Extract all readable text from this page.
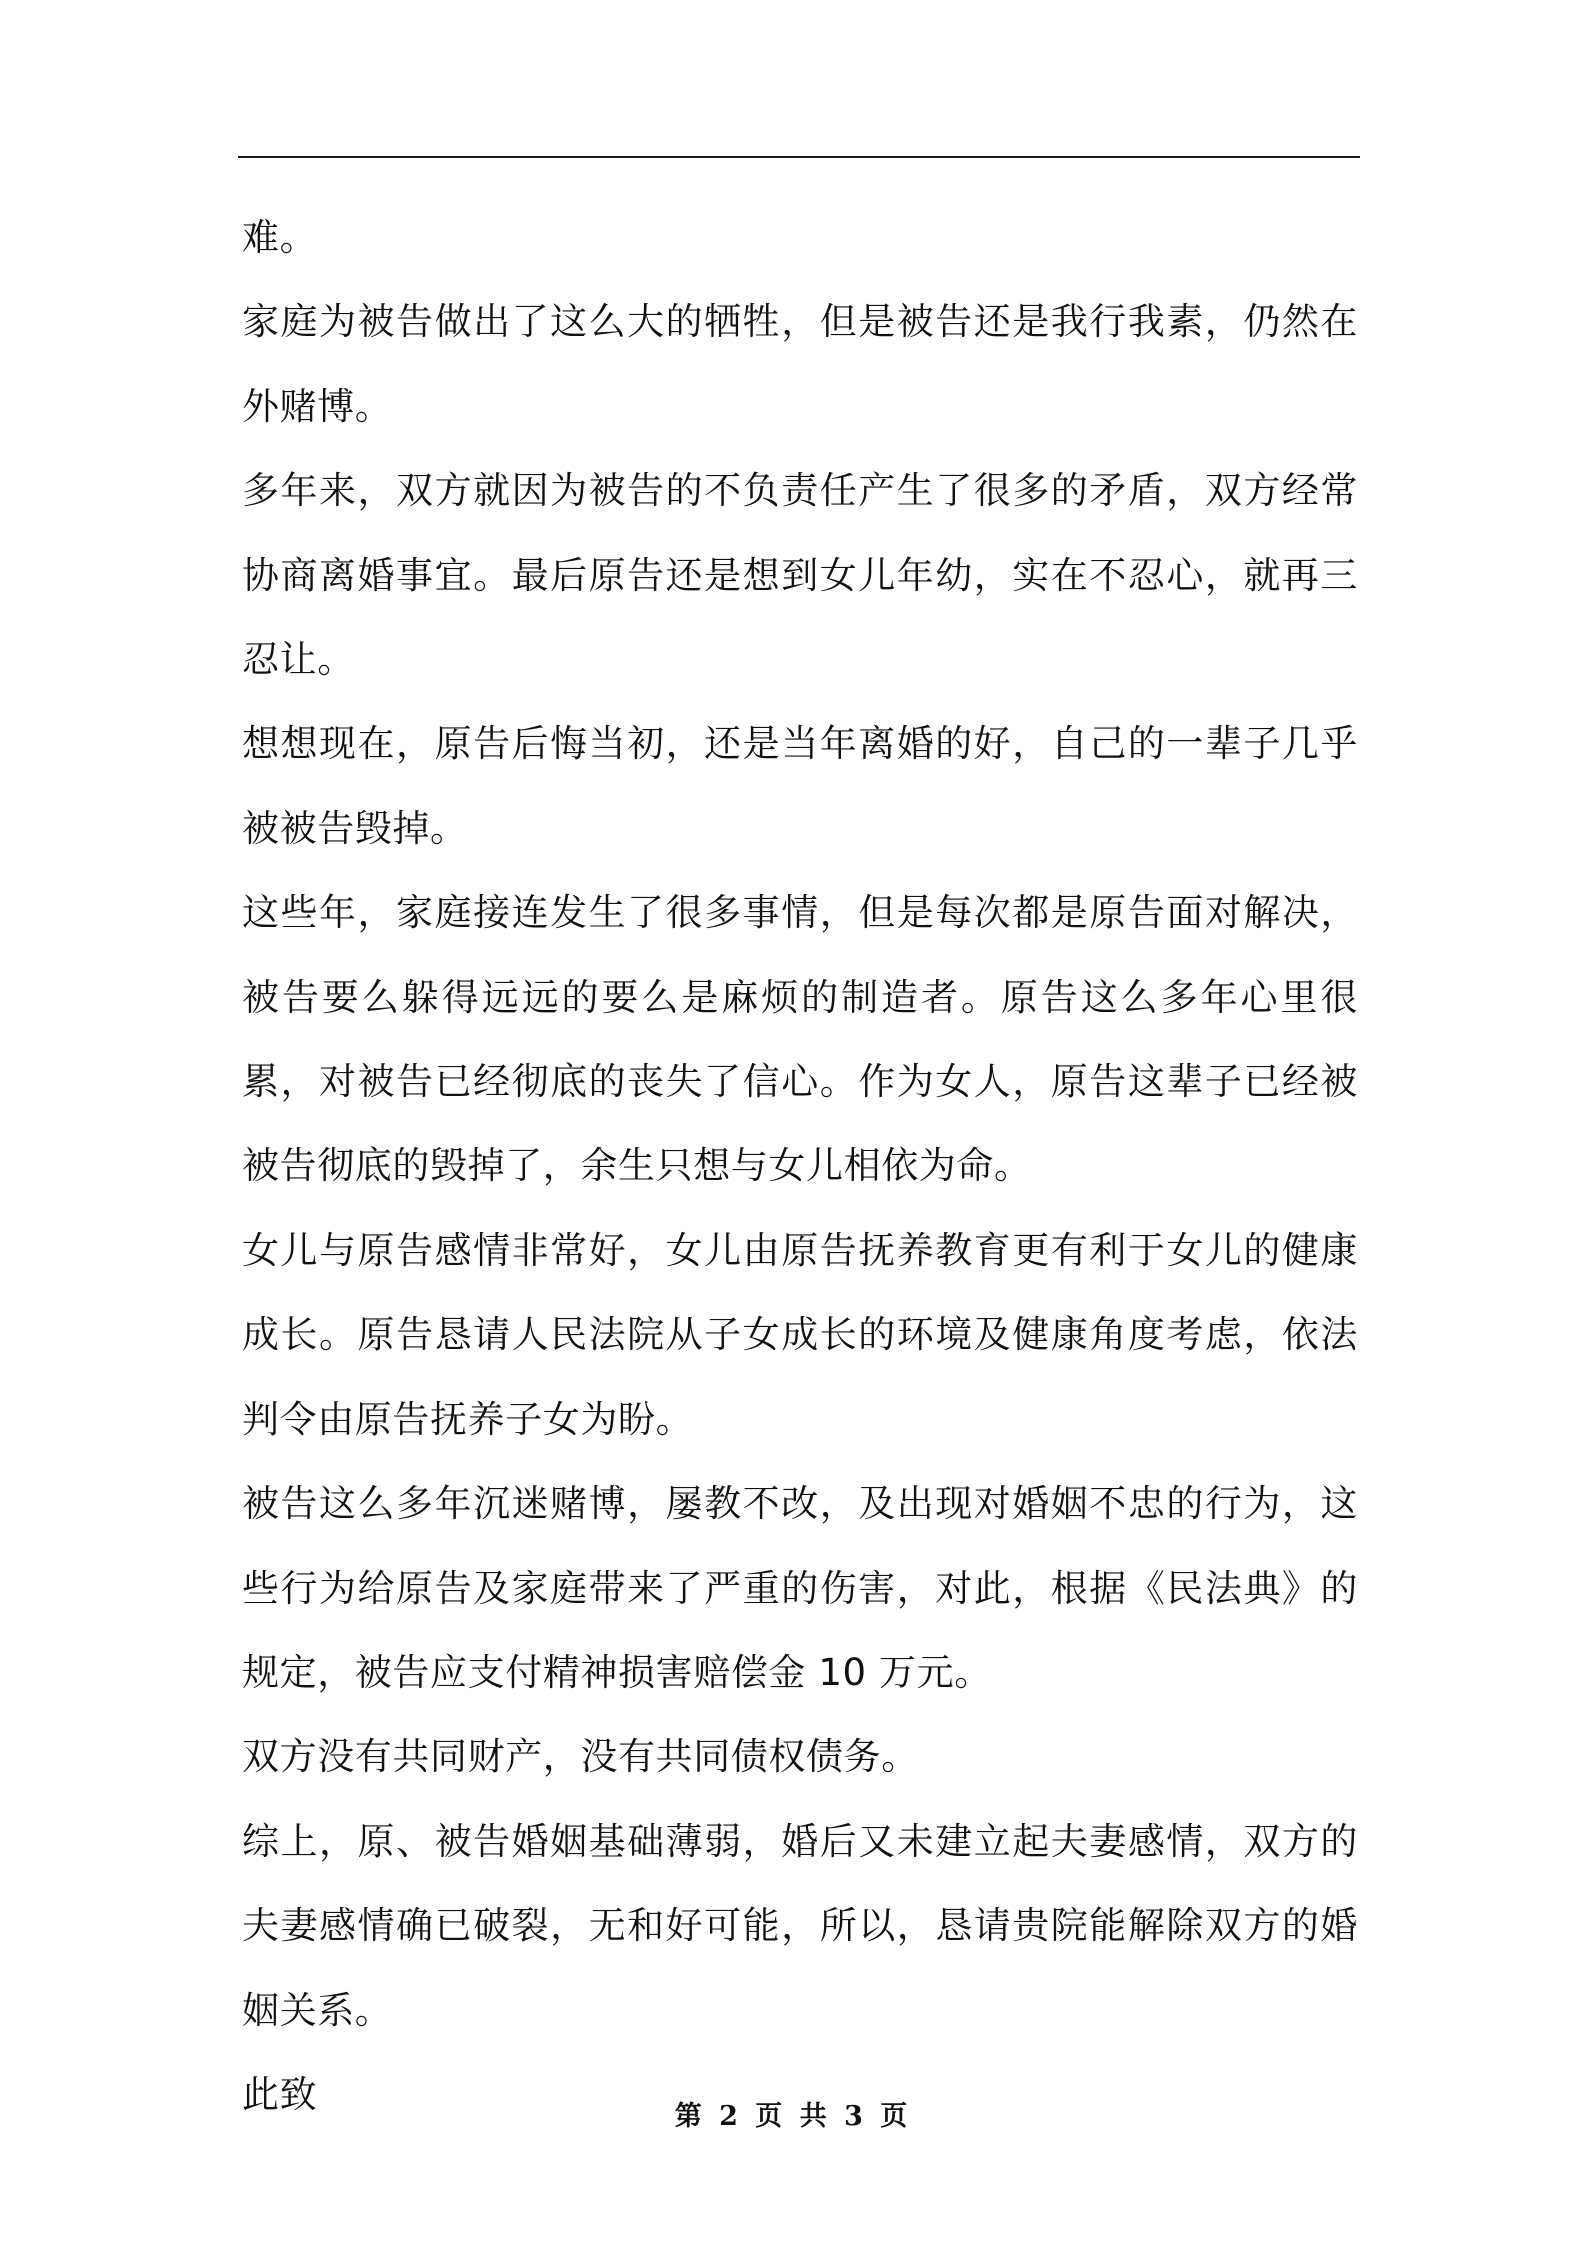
难。

家庭为被告做出了这么大的牺牲，但是被告还是我行我素，仍然在外赌博。

多年来，双方就因为被告的不负责任产生了很多的矛盾，双方经常协商离婚事宜。最后原告还是想到女儿年幼，实在不忍心，就再三忍让。

想想现在，原告后悔当初，还是当年离婚的好，自己的一辈子几乎被被告毁掉。

这些年，家庭接连发生了很多事情，但是每次都是原告面对解决，被告要么躲得远远的要么是麻烦的制造者。原告这么多年心里很累，对被告已经彻底的丧失了信心。作为女人，原告这辈子已经被被告彻底的毁掉了，余生只想与女儿相依为命。

女儿与原告感情非常好，女儿由原告抚养教育更有利于女儿的健康成长。原告恳请人民法院从子女成长的环境及健康角度考虑，依法判令由原告抚养子女为盼。

被告这么多年沉迷赌博，屡教不改，及出现对婚姻不忠的行为，这些行为给原告及家庭带来了严重的伤害，对此，根据《民法典》的规定，被告应支付精神损害赔偿金 10 万元。

双方没有共同财产，没有共同债权债务。

综上，原、被告婚姻基础薄弱，婚后又未建立起夫妻感情，双方的夫妻感情确已破裂，无和好可能，所以，恳请贵院能解除双方的婚姻关系。

此致

第 2 页 共 3 页
